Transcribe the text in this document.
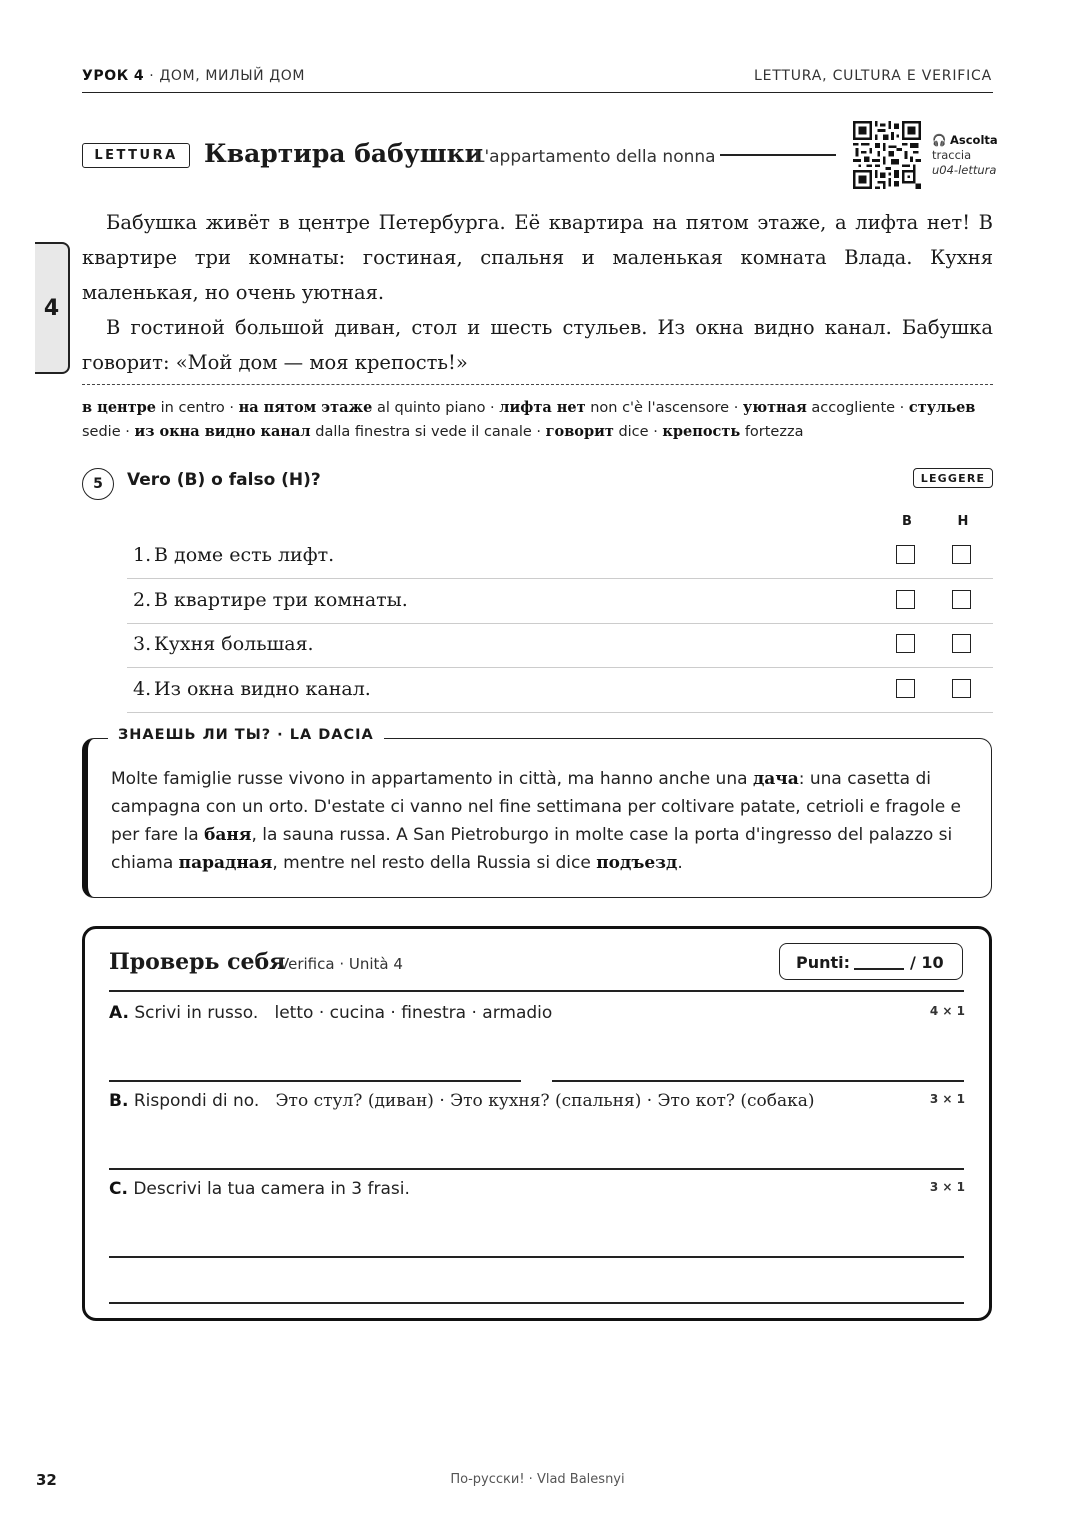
УРОК 4 · ДОМ, МИЛЫЙ ДОМ	LETTURA, CULTURA E VERIFICA
4
LETTURA	Квартира бабушки
L'appartamento della nonna
🎧 Ascolta
traccia
u04-lettura

Бабушка живёт в центре Петербурга. Её квартира на пятом этаже, а лифта нет! В квартире три комнаты: гостиная, спальня и маленькая комната Влада. Кухня маленькая, но очень уютная.

В гостиной большой диван, стол и шесть стульев. Из окна видно канал. Бабушка говорит: «Мой дом — моя крепость!»

в центре in centro · на пятом этаже al quinto piano · лифта нет non c'è l'ascensore · уютная accogliente · стульев sedie · из окна видно канал dalla finestra si vede il canale · говорит dice · крепость fortezza
5	Vero (В) o falso (Н)?	LEGGERE
В	Н
1. В доме есть лифт.
2. В квартире три комнаты.
3. Кухня большая.
4. Из окна видно канал.
ЗНАЕШЬ ЛИ ТЫ? · LA DACIA
Molte famiglie russe vivono in appartamento in città, ma hanno anche una дача: una casetta di campagna con un orto. D'estate ci vanno nel fine settimana per coltivare patate, cetrioli e fragole e per fare la баня, la sauna russa. A San Pietroburgo in molte case la porta d'ingresso del palazzo si chiama парадная, mentre nel resto della Russia si dice подъезд.
Проверь себя
Verifica · Unità 4	Punti:	/ 10
A. Scrivi in russo. letto · cucina · finestra · armadio	4 × 1
B. Rispondi di no. Это стул? (диван) · Это кухня? (спальня) · Это кот? (собака)	3 × 1
C. Descrivi la tua camera in 3 frasi.	3 × 1
По-русски! · Vlad Balesnyi
32
